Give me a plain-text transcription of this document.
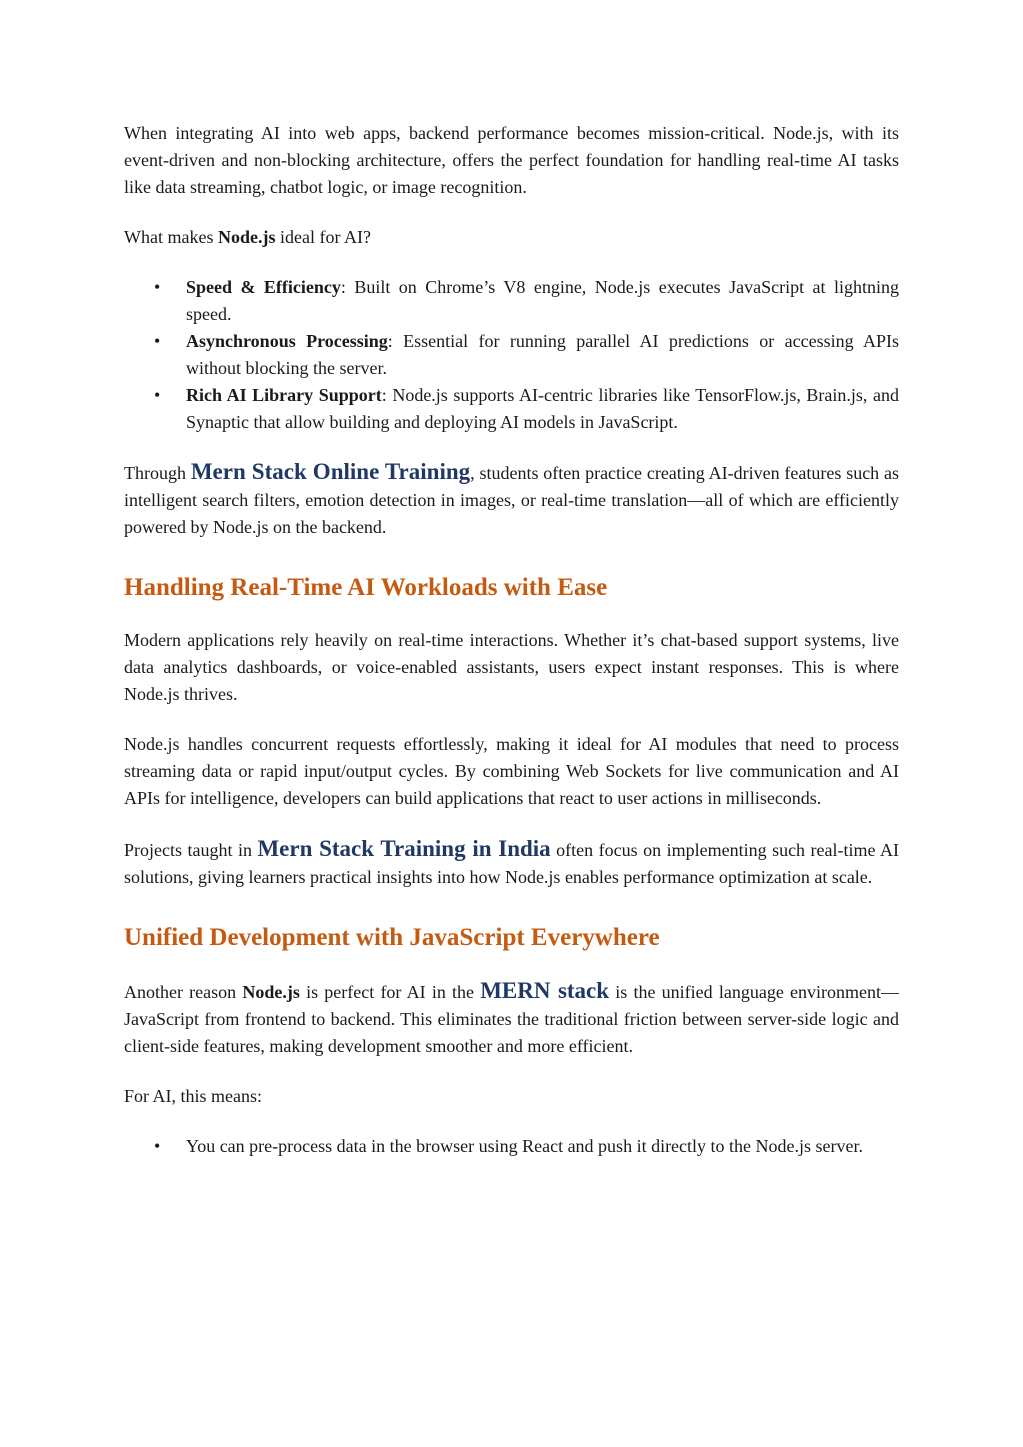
When integrating AI into web apps, backend performance becomes mission-critical. Node.js, with its event-driven and non-blocking architecture, offers the perfect foundation for handling real-time AI tasks like data streaming, chatbot logic, or image recognition.

What makes Node.js ideal for AI?

• Speed & Efficiency: Built on Chrome’s V8 engine, Node.js executes JavaScript at lightning speed.
• Asynchronous Processing: Essential for running parallel AI predictions or accessing APIs without blocking the server.
• Rich AI Library Support: Node.js supports AI-centric libraries like TensorFlow.js, Brain.js, and Synaptic that allow building and deploying AI models in JavaScript.

Through Mern Stack Online Training, students often practice creating AI-driven features such as intelligent search filters, emotion detection in images, or real-time translation—all of which are efficiently powered by Node.js on the backend.

Handling Real-Time AI Workloads with Ease

Modern applications rely heavily on real-time interactions. Whether it’s chat-based support systems, live data analytics dashboards, or voice-enabled assistants, users expect instant responses. This is where Node.js thrives.

Node.js handles concurrent requests effortlessly, making it ideal for AI modules that need to process streaming data or rapid input/output cycles. By combining Web Sockets for live communication and AI APIs for intelligence, developers can build applications that react to user actions in milliseconds.

Projects taught in Mern Stack Training in India often focus on implementing such real-time AI solutions, giving learners practical insights into how Node.js enables performance optimization at scale.

Unified Development with JavaScript Everywhere

Another reason Node.js is perfect for AI in the MERN stack is the unified language environment—JavaScript from frontend to backend. This eliminates the traditional friction between server-side logic and client-side features, making development smoother and more efficient.

For AI, this means:

• You can pre-process data in the browser using React and push it directly to the Node.js server.
